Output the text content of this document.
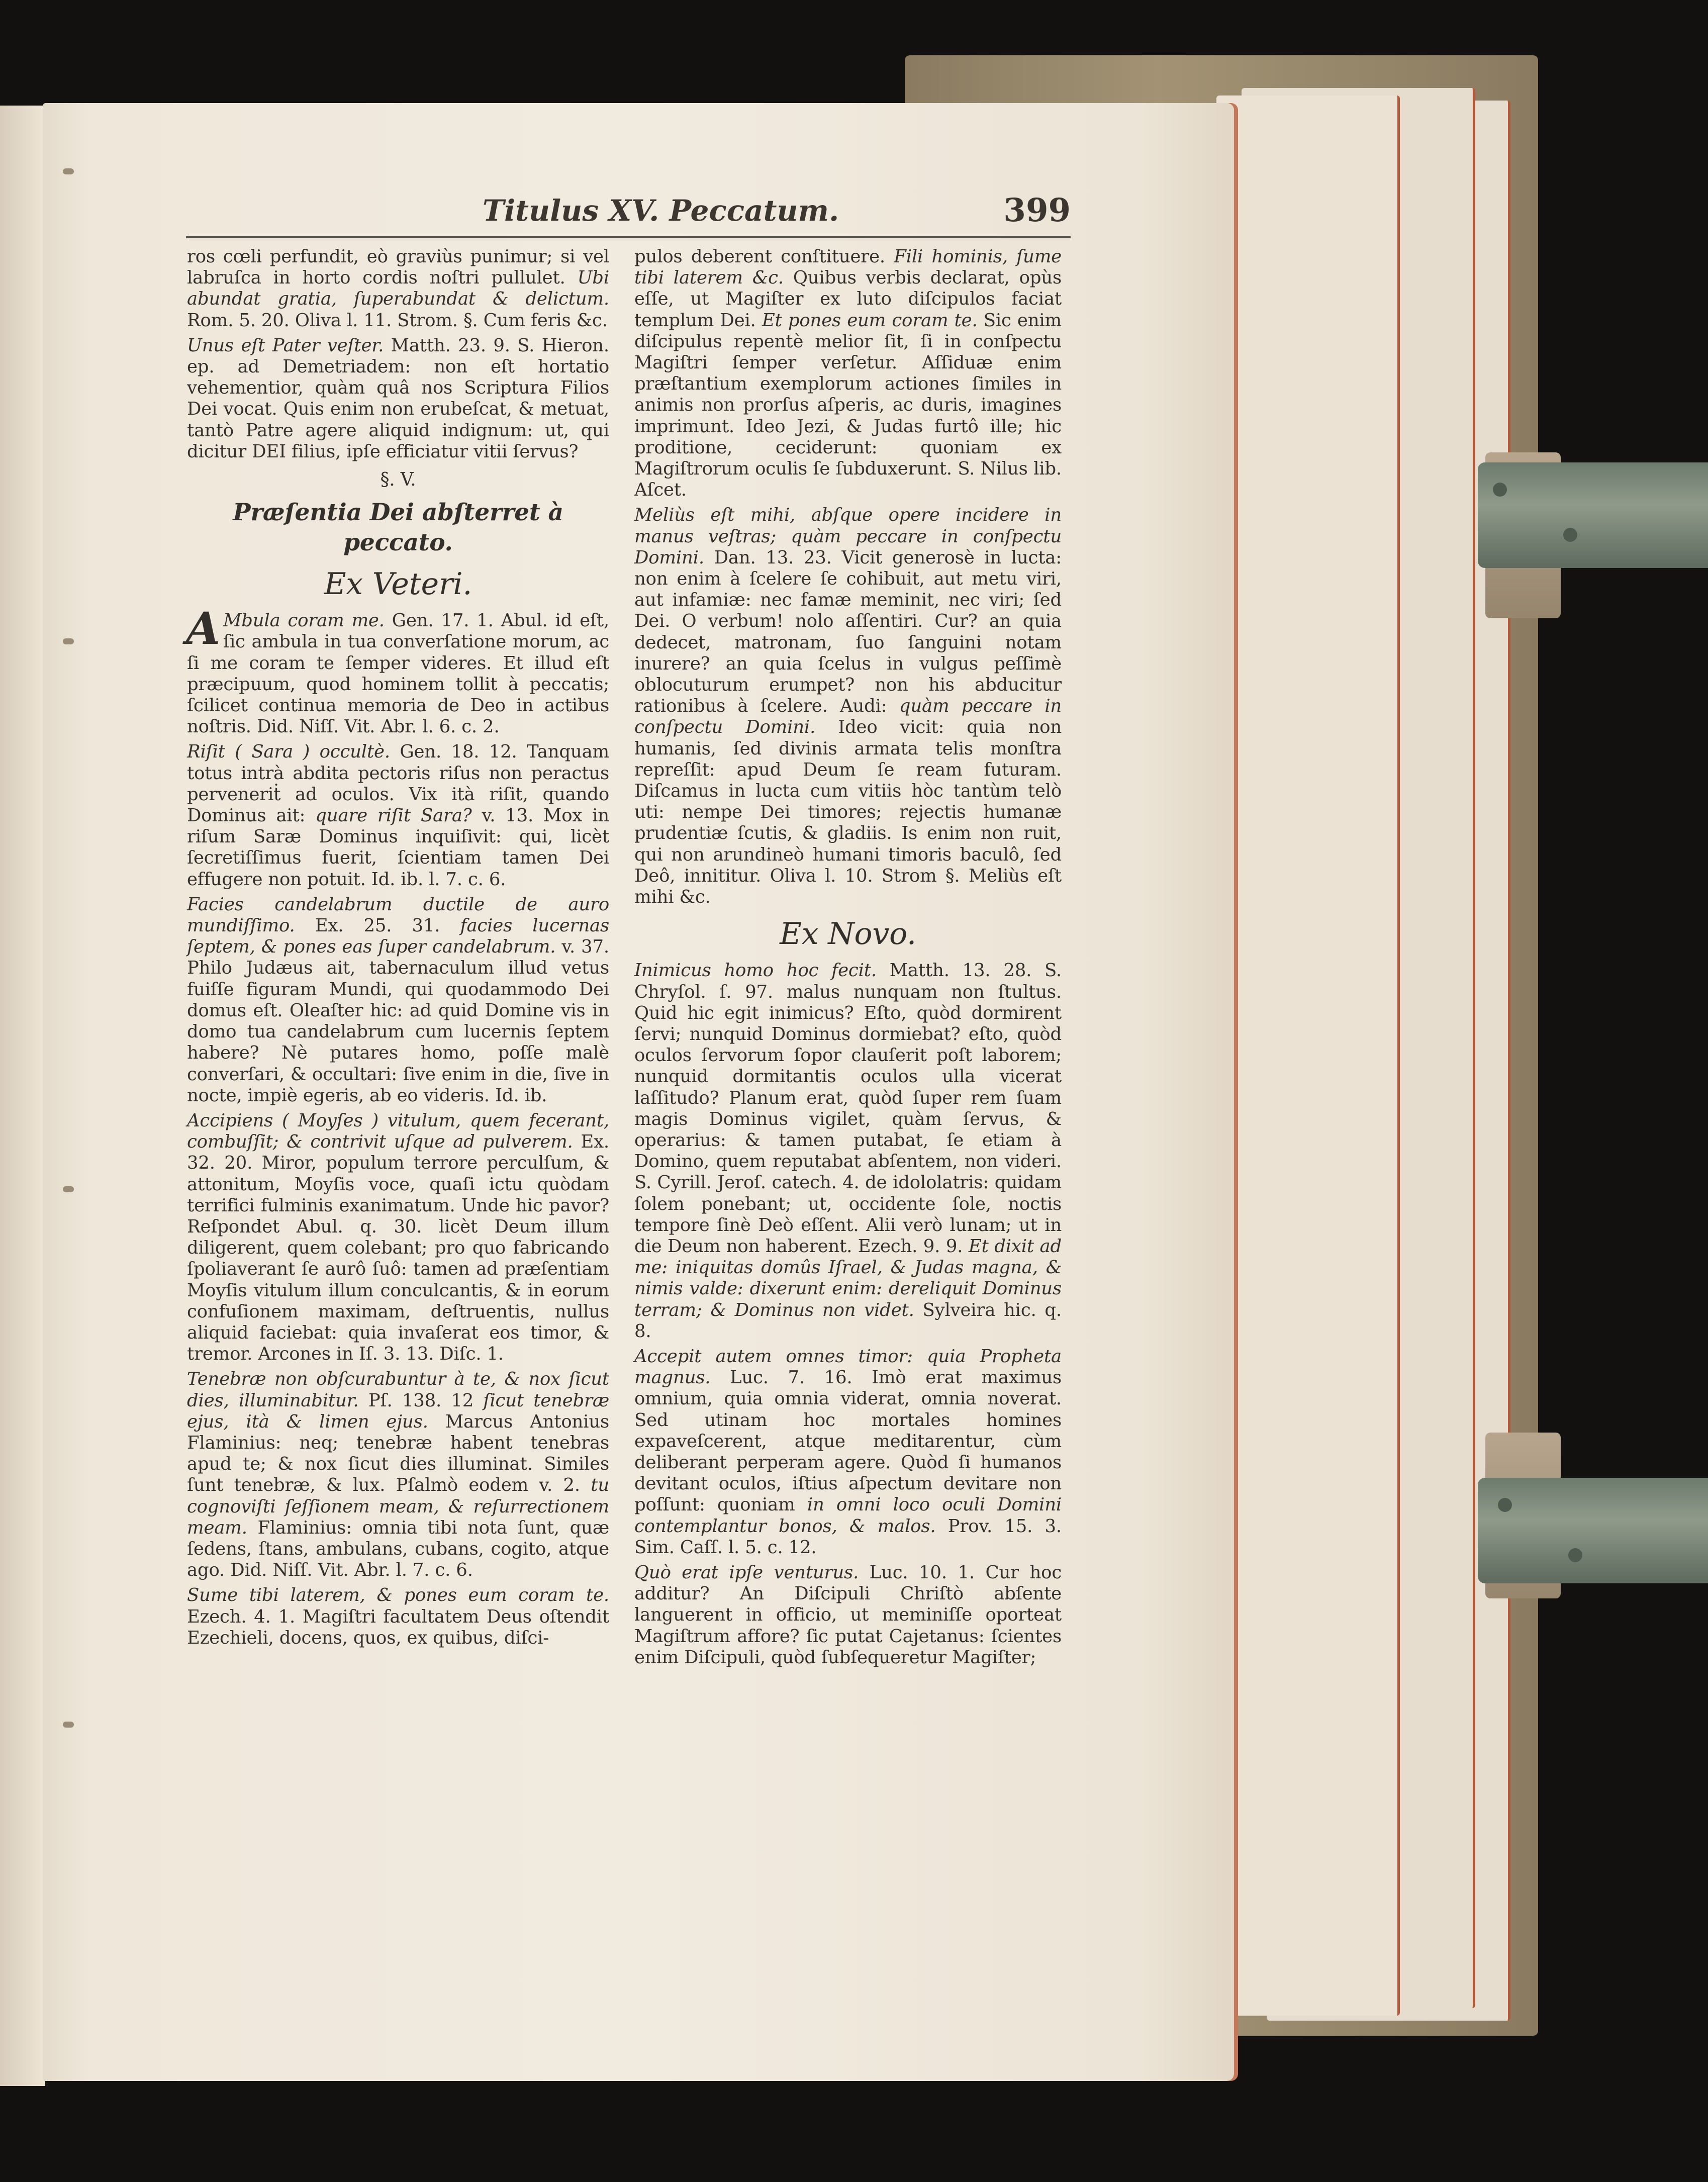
Titulus XV. Peccatum.	399

ros cœli perfundit, eò graviùs punimur; si vel labruſca in horto cordis noſtri pullulet. Ubi abundat gratia, ſuperabundat & delictum. Rom. 5. 20. Oliva l. 11. Strom. §. Cum feris &c.

Unus eſt Pater veſter. Matth. 23. 9. S. Hieron. ep. ad Demetriadem: non eſt hortatio vehementior, quàm quâ nos Scriptura Filios Dei vocat. Quis enim non erubeſcat, & metuat, tantò Patre agere aliquid indignum: ut, qui dicitur DEI filius, ipſe efficiatur vitii ſervus?

§. V.

Præſentia Dei abſterret à peccato.

Ex Veteri.

A Mbula coram me. Gen. 17. 1. Abul. id eſt, ſic ambula in tua converſatione morum, ac ſi me coram te ſemper videres. Et illud eſt præcipuum, quod hominem tollit à peccatis; ſcilicet continua memoria de Deo in actibus noſtris. Did. Niſſ. Vit. Abr. l. 6. c. 2.

Riſit ( Sara ) occultè. Gen. 18. 12. Tanquam totus intrà abdita pectoris riſus non peractus perveneriṫ ad oculos. Vix ità riſit, quando Dominus ait: quare riſit Sara? v. 13. Mox in riſum Saræ Dominus inquiſivit: qui, licèt ſecretiſſimus fuerit, ſcientiam tamen Dei effugere non potuit. Id. ib. l. 7. c. 6.

Facies candelabrum ductile de auro mundiſſimo. Ex. 25. 31. facies lucernas ſeptem, & pones eas ſuper candelabrum. v. 37. Philo Judæus ait, tabernaculum illud vetus fuiſſe figuram Mundi, qui quodammodo Dei domus eſt. Oleaſter hic: ad quid Domine vis in domo tua candelabrum cum lucernis ſeptem habere? Nè putares homo, poſſe malè converſari, & occultari: ſive enim in die, ſive in nocte, impiè egeris, ab eo videris. Id. ib.

Accipiens ( Moyſes ) vitulum, quem fecerant, combuſſit; & contrivit uſque ad pulverem. Ex. 32. 20. Miror, populum terrore perculſum, & attonitum, Moyſis voce, quaſi ictu quòdam terrifici fulminis exanimatum. Unde hic pavor? Reſpondet Abul. q. 30. licèt Deum illum diligerent, quem colebant; pro quo fabricando ſpoliaverant ſe aurô ſuô: tamen ad præſentiam Moyſis vitulum illum conculcantis, & in eorum confuſionem maximam, deſtruentis, nullus aliquid faciebat: quia invaſerat eos timor, & tremor. Arcones in Iſ. 3. 13. Diſc. 1.

Tenebræ non obſcurabuntur à te, & nox ſicut dies, illuminabitur. Pſ. 138. 12 ſicut tenebræ ejus, ità & limen ejus. Marcus Antonius Flaminius: neq; tenebræ habent tenebras apud te; & nox ſicut dies illuminat. Similes ſunt tenebræ, & lux. Pſalmò eodem v. 2. tu cognoviſti ſeſſionem meam, & reſurrectionem meam. Flaminius: omnia tibi nota ſunt, quæ ſedens, ſtans, ambulans, cubans, cogito, atque ago. Did. Niſſ. Vit. Abr. l. 7. c. 6.

Sume tibi laterem, & pones eum coram te. Ezech. 4. 1. Magiſtri facultatem Deus oſtendit Ezechieli, docens, quos, ex quibus, diſci-

pulos deberent conſtituere. Fili hominis, ſume tibi laterem &c. Quibus verbis declarat, opùs eſſe, ut Magiſter ex luto diſcipulos faciat templum Dei. Et pones eum coram te. Sic enim diſcipulus repentè melior ſit, ſi in conſpectu Magiſtri ſemper verſetur. Aſſiduæ enim præſtantium exemplorum actiones ſimiles in animis non prorſus aſperis, ac duris, imagines imprimunt. Ideo Jezi, & Judas furtô ille; hic proditione, ceciderunt: quoniam ex Magiſtrorum oculis ſe ſubduxerunt. S. Nilus lib. Aſcet.

Meliùs eſt mihi, abſque opere incidere in manus veſtras; quàm peccare in conſpectu Domini. Dan. 13. 23. Vicit generosè in lucta: non enim à ſcelere ſe cohibuit, aut metu viri, aut infamiæ: nec famæ meminit, nec viri; ſed Dei. O verbum! nolo aſſentiri. Cur? an quia dedecet, matronam, ſuo ſanguini notam inurere? an quia ſcelus in vulgus peſſimè oblocuturum erumpet? non his abducitur rationibus à ſcelere. Audi: quàm peccare in conſpectu Domini. Ideo vicit: quia non humanis, ſed divinis armata telis monſtra repreſſit: apud Deum ſe ream futuram. Diſcamus in lucta cum vitiis hòc tantùm telò uti: nempe Dei timores; rejectis humanæ prudentiæ ſcutis, & gladiis. Is enim non ruit, qui non arundineò humani timoris baculô, ſed Deô, innititur. Oliva l. 10. Strom §. Meliùs eſt mihi &c.

Ex Novo.

Inimicus homo hoc fecit. Matth. 13. 28. S. Chryſol. ſ. 97. malus nunquam non ſtultus. Quid hic egit inimicus? Eſto, quòd dormirent ſervi; nunquid Dominus dormiebat? eſto, quòd oculos ſervorum ſopor clauſerit poſt laborem; nunquid dormitantis oculos ulla vicerat laſſitudo? Planum erat, quòd ſuper rem ſuam magis Dominus vigilet, quàm ſervus, & operarius: & tamen putabat, ſe etiam à Domino, quem reputabat abſentem, non videri. S. Cyrill. Jeroſ. catech. 4. de idololatris: quidam ſolem ponebant; ut, occidente ſole, noctis tempore ſinè Deò eſſent. Alii verò lunam; ut in die Deum non haberent. Ezech. 9. 9. Et dixit ad me: iniquitas domûs Iſrael, & Judas magna, & nimis valde: dixerunt enim: dereliquit Dominus terram; & Dominus non videt. Sylveira hic. q. 8.

Accepit autem omnes timor: quia Propheta magnus. Luc. 7. 16. Imò erat maximus omnium, quia omnia viderat, omnia noverat. Sed utinam hoc mortales homines expaveſcerent, atque meditarentur, cùm deliberant perperam agere. Quòd ſi humanos devitant oculos, iſtius aſpectum devitare non poſſunt: quoniam in omni loco oculi Domini contemplantur bonos, & malos. Prov. 15. 3. Sim. Caſſ. l. 5. c. 12.

Quò erat ipſe venturus. Luc. 10. 1. Cur hoc additur? An Diſcipuli Chriſtò abſente languerent in officio, ut meminiſſe oporteat Magiſtrum affore? ſic putat Cajetanus: ſcientes enim Diſcipuli, quòd ſubſequeretur Magiſter;
